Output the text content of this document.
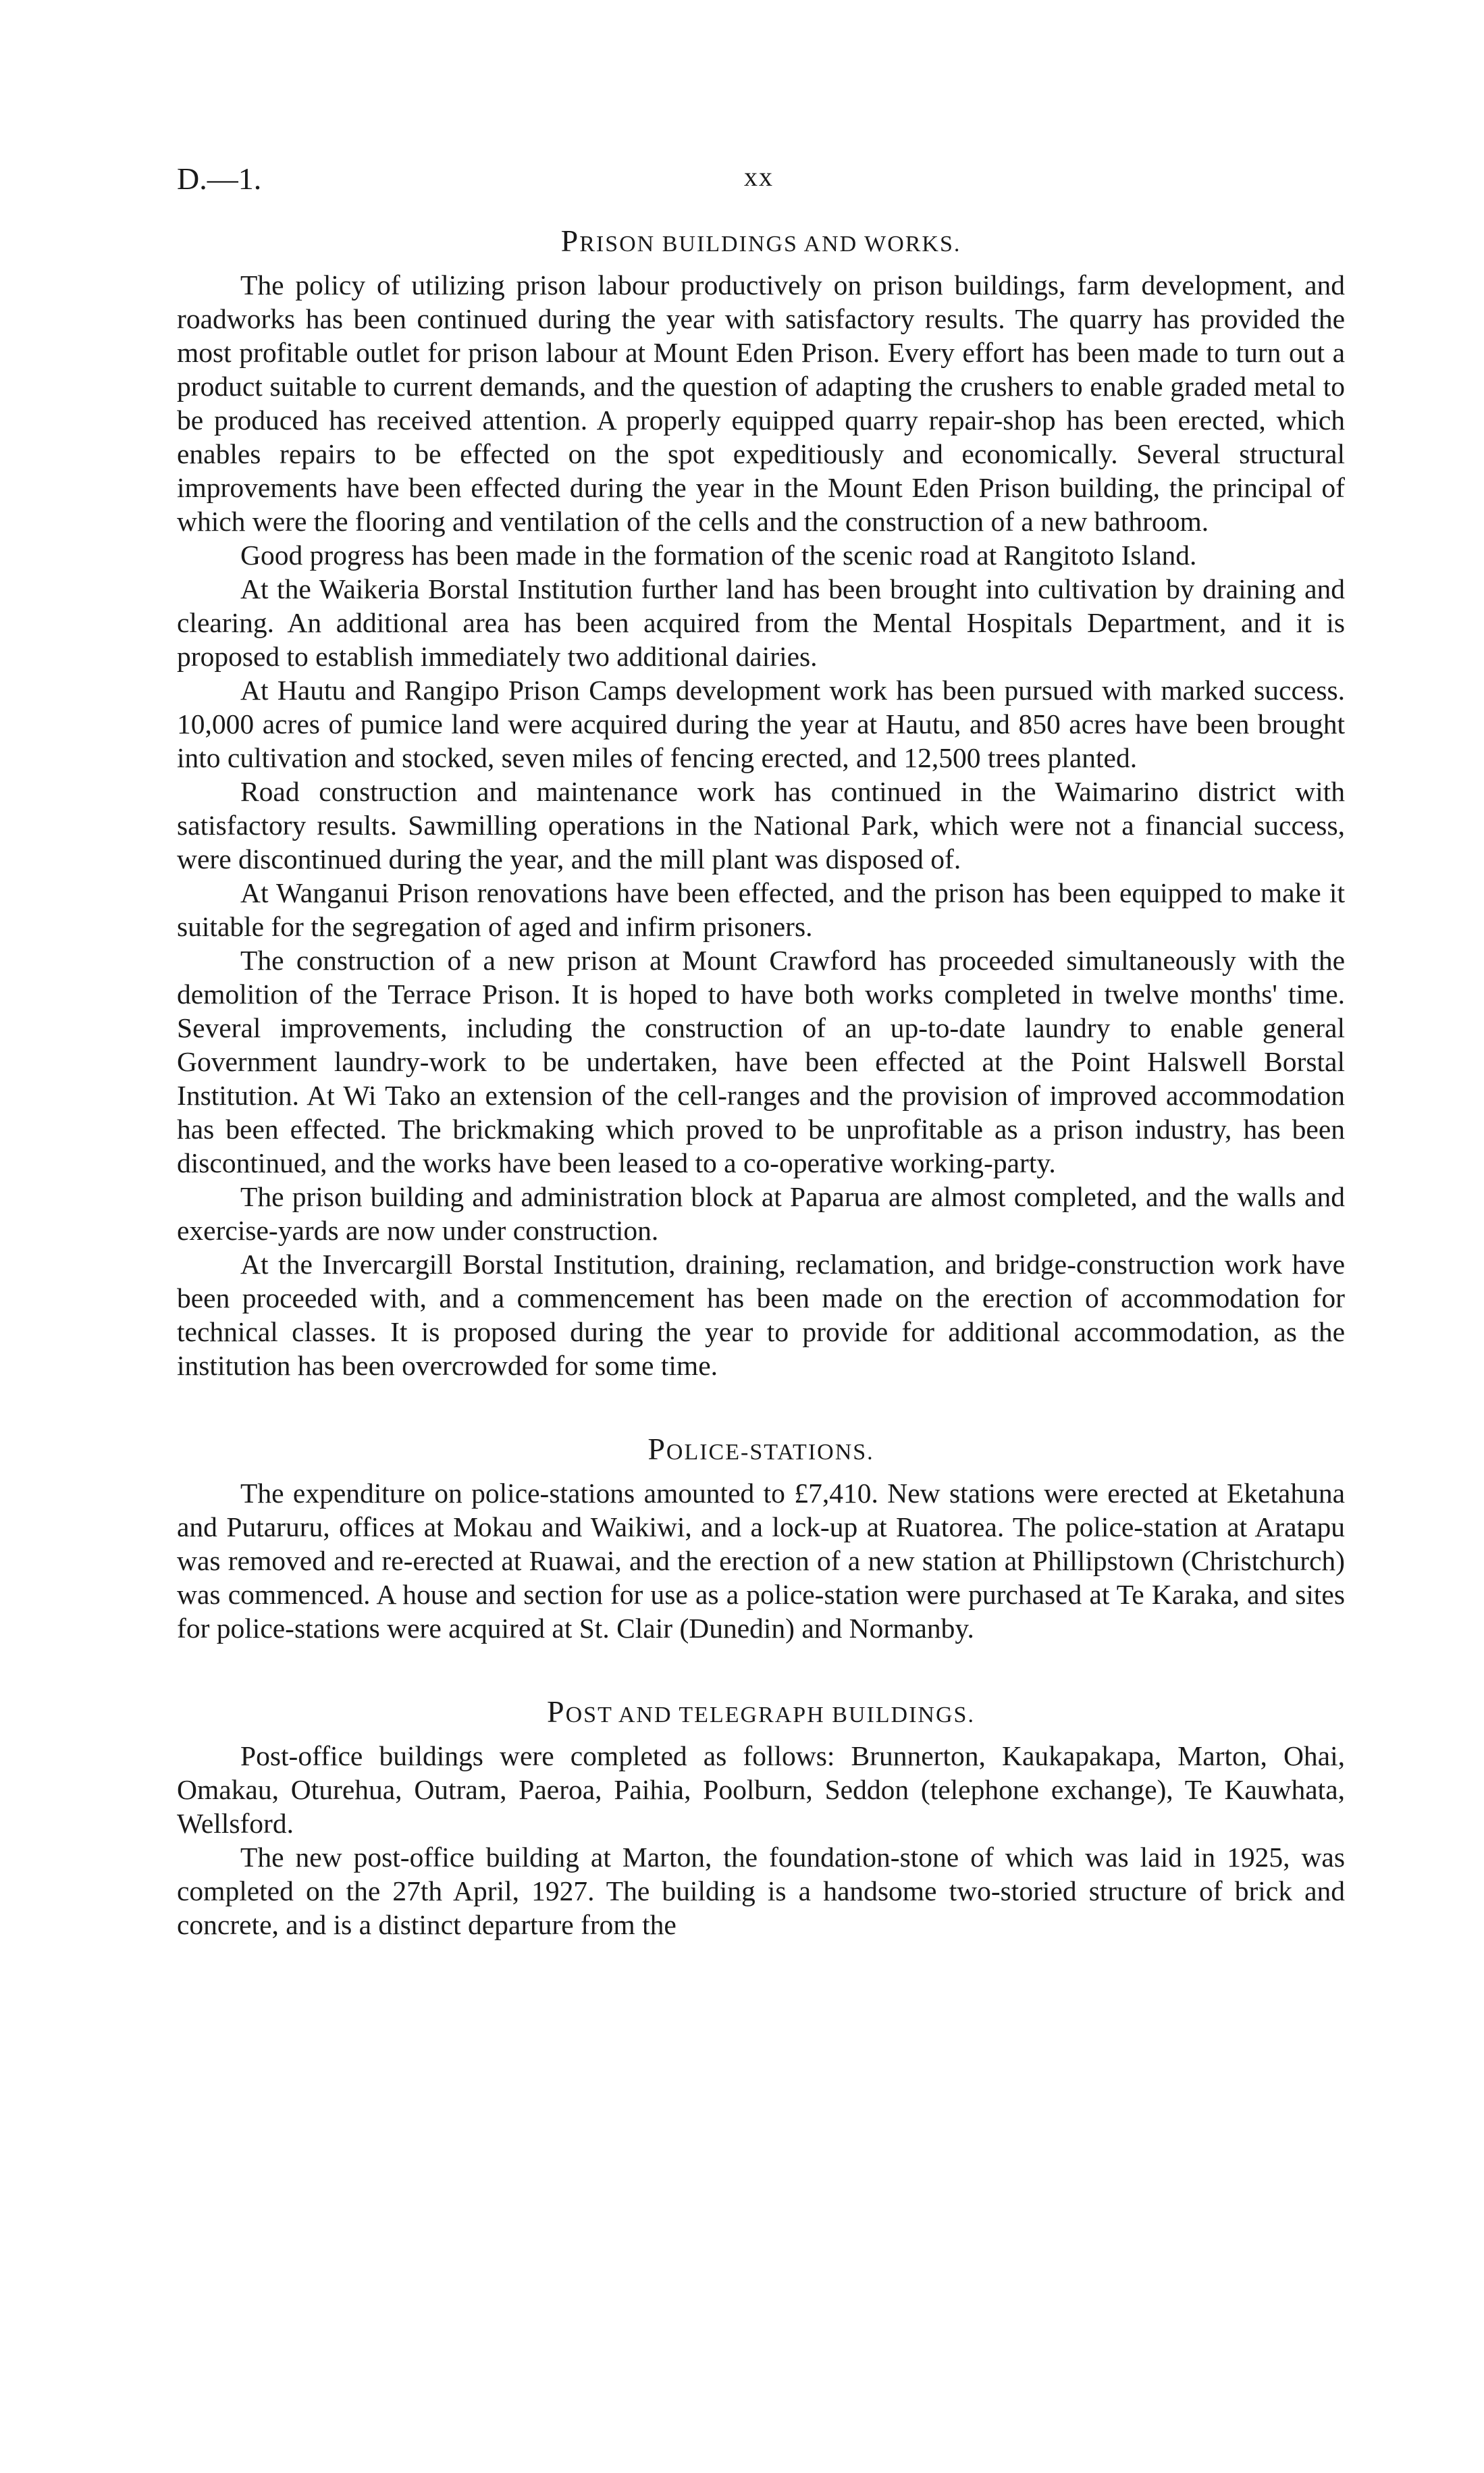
D.—1.	xx
PRISON BUILDINGS AND WORKS.

The policy of utilizing prison labour productively on prison buildings, farm development, and roadworks has been continued during the year with satisfactory results. The quarry has provided the most profitable outlet for prison labour at Mount Eden Prison. Every effort has been made to turn out a product suitable to current demands, and the question of adapting the crushers to enable graded metal to be produced has received attention. A properly equipped quarry repair-shop has been erected, which enables repairs to be effected on the spot expeditiously and economically. Several structural improvements have been effected during the year in the Mount Eden Prison building, the principal of which were the flooring and ventilation of the cells and the construction of a new bathroom.

Good progress has been made in the formation of the scenic road at Rangitoto Island.

At the Waikeria Borstal Institution further land has been brought into cultivation by draining and clearing. An additional area has been acquired from the Mental Hospitals Department, and it is proposed to establish immediately two additional dairies.

At Hautu and Rangipo Prison Camps development work has been pursued with marked success. 10,000 acres of pumice land were acquired during the year at Hautu, and 850 acres have been brought into cultivation and stocked, seven miles of fencing erected, and 12,500 trees planted.

Road construction and maintenance work has continued in the Waimarino district with satisfactory results. Sawmilling operations in the National Park, which were not a financial success, were discontinued during the year, and the mill plant was disposed of.

At Wanganui Prison renovations have been effected, and the prison has been equipped to make it suitable for the segregation of aged and infirm prisoners.

The construction of a new prison at Mount Crawford has proceeded simultaneously with the demolition of the Terrace Prison. It is hoped to have both works completed in twelve months' time. Several improvements, including the construction of an up-to-date laundry to enable general Government laundry-work to be undertaken, have been effected at the Point Halswell Borstal Institution. At Wi Tako an extension of the cell-ranges and the provision of improved accommodation has been effected. The brickmaking which proved to be unprofitable as a prison industry, has been discontinued, and the works have been leased to a co-operative working-party.

The prison building and administration block at Paparua are almost completed, and the walls and exercise-yards are now under construction.

At the Invercargill Borstal Institution, draining, reclamation, and bridge-construction work have been proceeded with, and a commencement has been made on the erection of accommodation for technical classes. It is proposed during the year to provide for additional accommodation, as the institution has been overcrowded for some time.

POLICE-STATIONS.

The expenditure on police-stations amounted to £7,410. New stations were erected at Eketahuna and Putaruru, offices at Mokau and Waikiwi, and a lock-up at Ruatorea. The police-station at Aratapu was removed and re-erected at Ruawai, and the erection of a new station at Phillipstown (Christchurch) was commenced. A house and section for use as a police-station were purchased at Te Karaka, and sites for police-stations were acquired at St. Clair (Dunedin) and Normanby.

POST AND TELEGRAPH BUILDINGS.

Post-office buildings were completed as follows: Brunnerton, Kaukapakapa, Marton, Ohai, Omakau, Oturehua, Outram, Paeroa, Paihia, Poolburn, Seddon (telephone exchange), Te Kauwhata, Wellsford.

The new post-office building at Marton, the foundation-stone of which was laid in 1925, was completed on the 27th April, 1927. The building is a handsome two-storied structure of brick and concrete, and is a distinct departure from the
